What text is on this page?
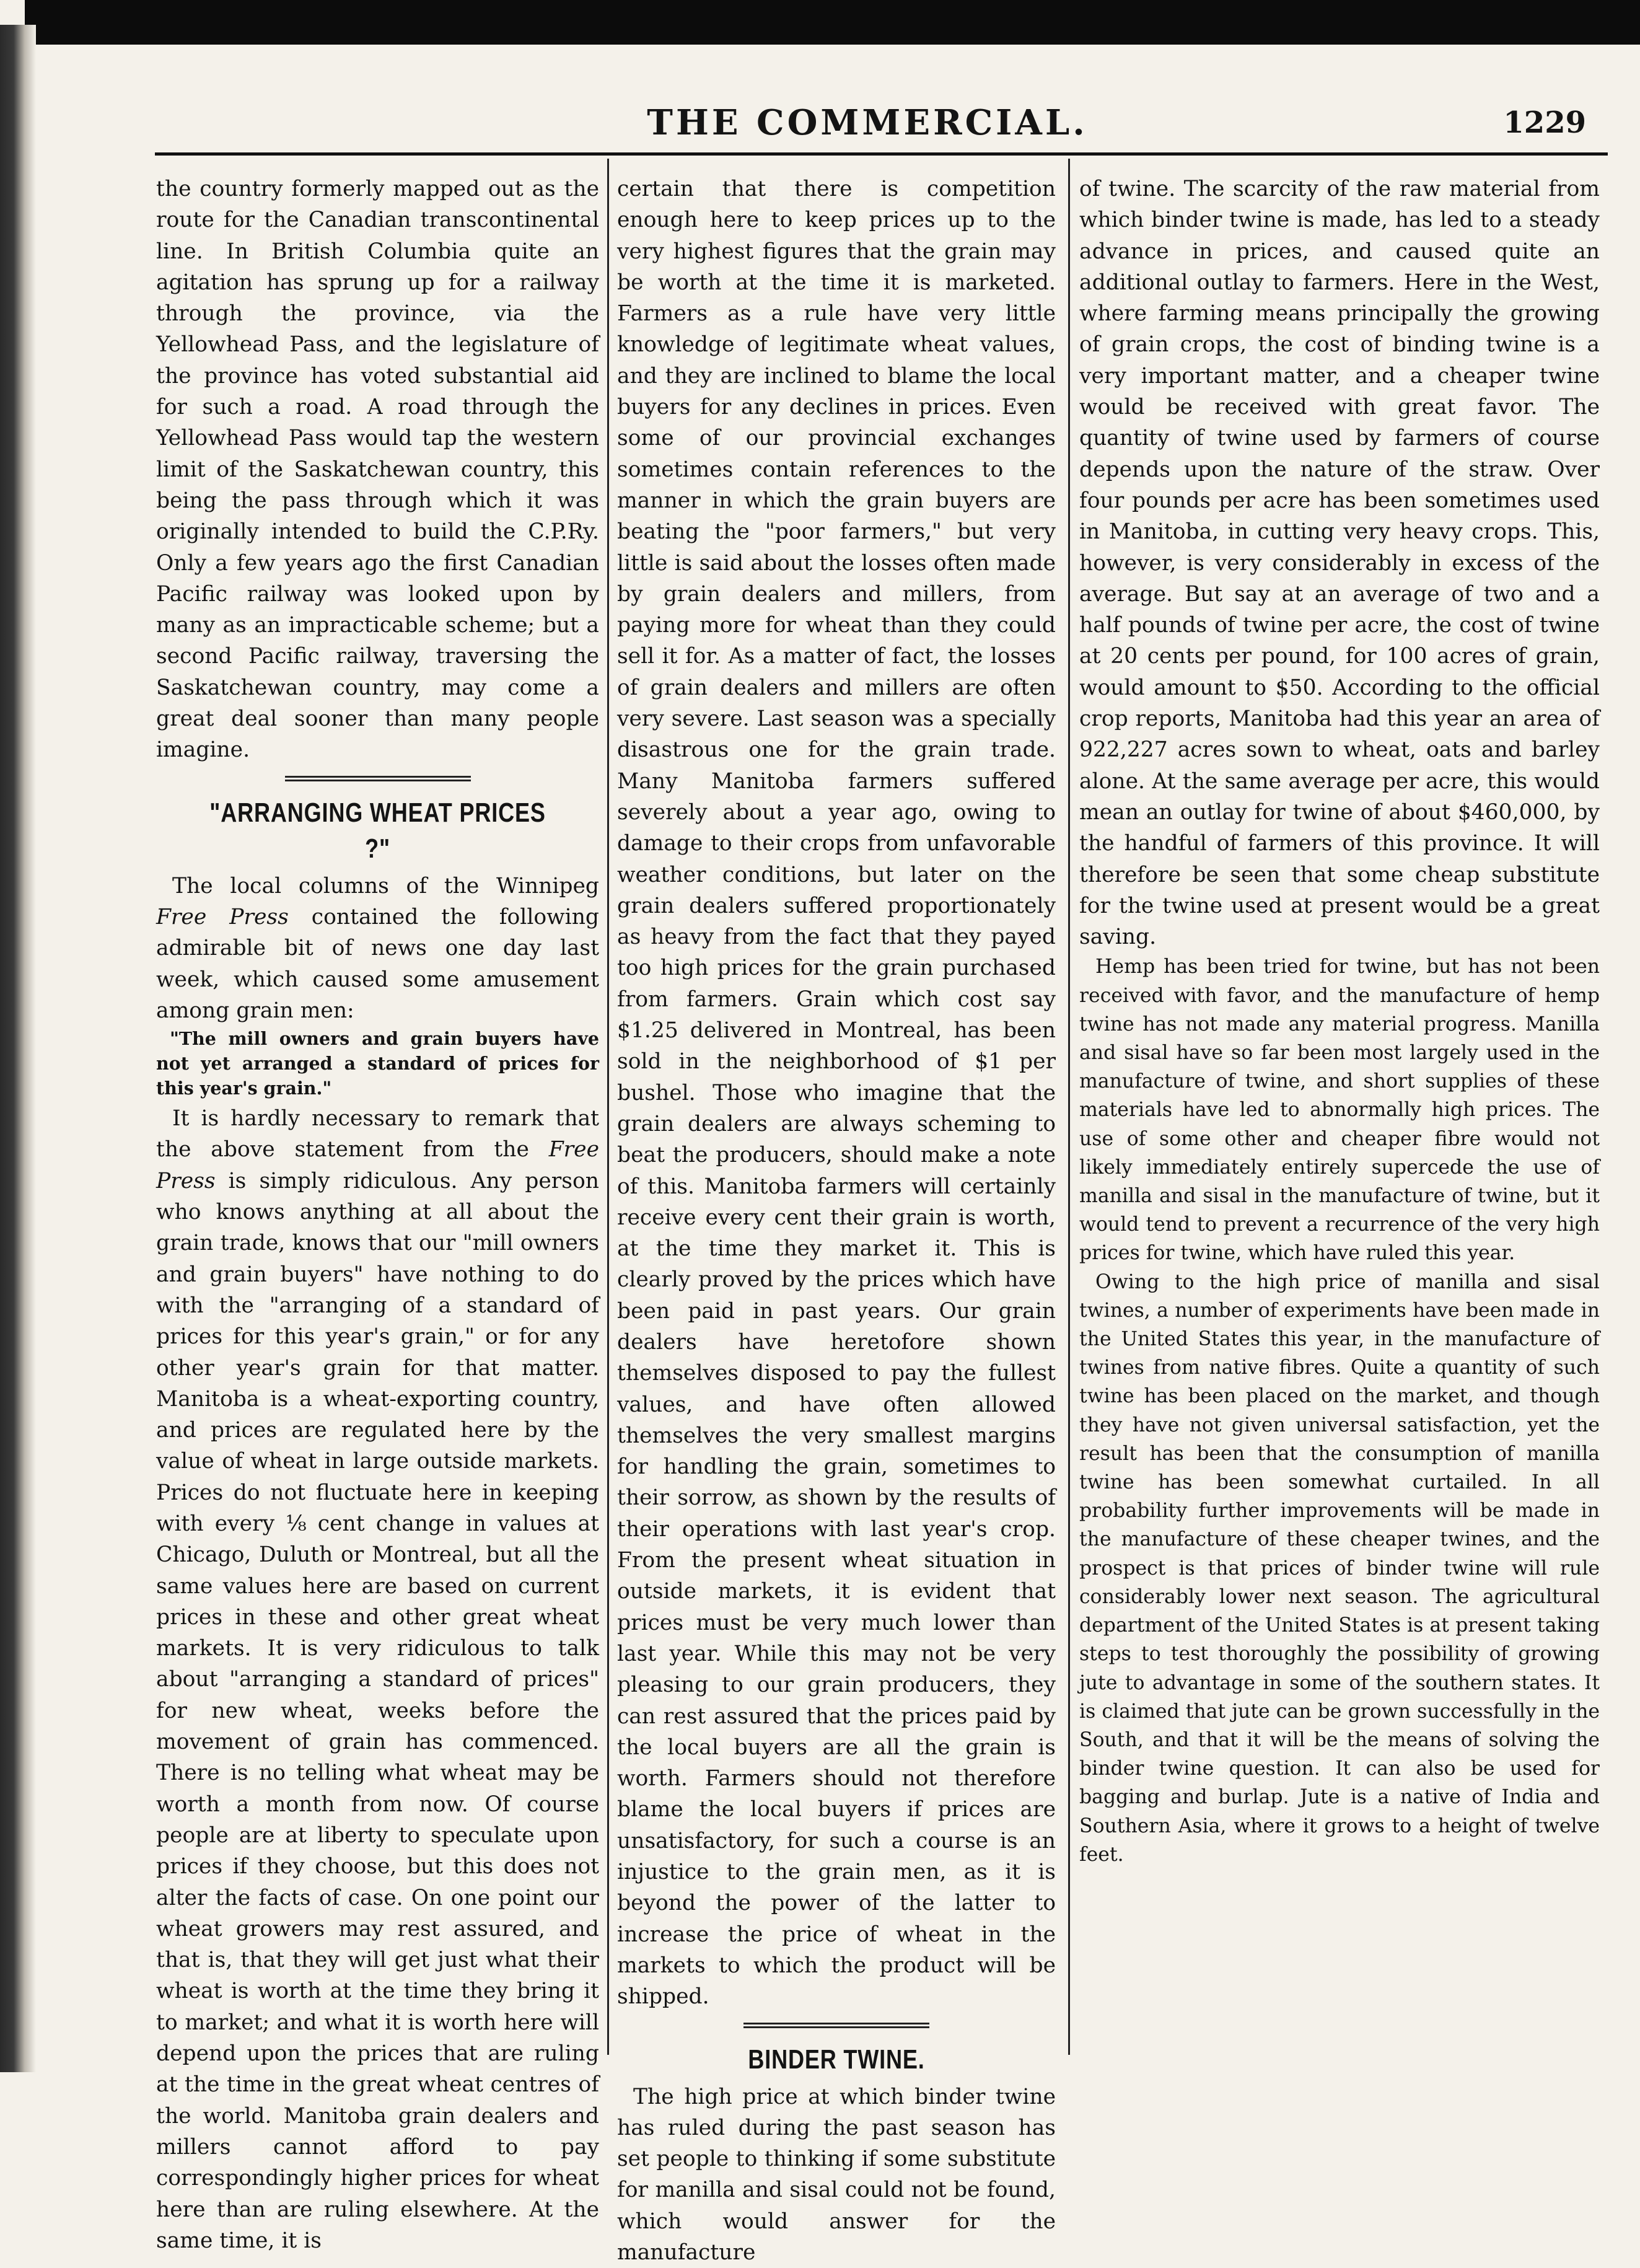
THE COMMERCIAL.	1229

the country formerly mapped out as the route for the Canadian transcontinental line. In British Columbia quite an agitation has sprung up for a railway through the province, via the Yellowhead Pass, and the legislature of the province has voted substantial aid for such a road. A road through the Yellowhead Pass would tap the western limit of the Saskatchewan country, this being the pass through which it was originally intended to build the C.P.Ry. Only a few years ago the first Canadian Pacific railway was looked upon by many as an impracticable scheme; but a second Pacific railway, traversing the Saskatchewan country, may come a great deal sooner than many people imagine.

"ARRANGING WHEAT PRICES ?"

The local columns of the Winnipeg Free Press contained the following admirable bit of news one day last week, which caused some amusement among grain men:

"The mill owners and grain buyers have not yet arranged a standard of prices for this year's grain."

It is hardly necessary to remark that the above statement from the Free Press is simply ridiculous. Any person who knows anything at all about the grain trade, knows that our "mill owners and grain buyers" have nothing to do with the "arranging of a standard of prices for this year's grain," or for any other year's grain for that matter. Manitoba is a wheat-exporting country, and prices are regulated here by the value of wheat in large outside markets. Prices do not fluctuate here in keeping with every ⅛ cent change in values at Chicago, Duluth or Montreal, but all the same values here are based on current prices in these and other great wheat markets. It is very ridiculous to talk about "arranging a standard of prices" for new wheat, weeks before the movement of grain has commenced. There is no telling what wheat may be worth a month from now. Of course people are at liberty to speculate upon prices if they choose, but this does not alter the facts of case. On one point our wheat growers may rest assured, and that is, that they will get just what their wheat is worth at the time they bring it to market; and what it is worth here will depend upon the prices that are ruling at the time in the great wheat centres of the world. Manitoba grain dealers and millers cannot afford to pay correspondingly higher prices for wheat here than are ruling elsewhere. At the same time, it is

certain that there is competition enough here to keep prices up to the very highest figures that the grain may be worth at the time it is marketed. Farmers as a rule have very little knowledge of legitimate wheat values, and they are inclined to blame the local buyers for any declines in prices. Even some of our provincial exchanges sometimes contain references to the manner in which the grain buyers are beating the "poor farmers," but very little is said about the losses often made by grain dealers and millers, from paying more for wheat than they could sell it for. As a matter of fact, the losses of grain dealers and millers are often very severe. Last season was a specially disastrous one for the grain trade. Many Manitoba farmers suffered severely about a year ago, owing to damage to their crops from unfavorable weather conditions, but later on the grain dealers suffered proportionately as heavy from the fact that they payed too high prices for the grain purchased from farmers. Grain which cost say $1.25 delivered in Montreal, has been sold in the neighborhood of $1 per bushel. Those who imagine that the grain dealers are always scheming to beat the producers, should make a note of this. Manitoba farmers will certainly receive every cent their grain is worth, at the time they market it. This is clearly proved by the prices which have been paid in past years. Our grain dealers have heretofore shown themselves disposed to pay the fullest values, and have often allowed themselves the very smallest margins for handling the grain, sometimes to their sorrow, as shown by the results of their operations with last year's crop. From the present wheat situation in outside markets, it is evident that prices must be very much lower than last year. While this may not be very pleasing to our grain producers, they can rest assured that the prices paid by the local buyers are all the grain is worth. Farmers should not therefore blame the local buyers if prices are unsatisfactory, for such a course is an injustice to the grain men, as it is beyond the power of the latter to increase the price of wheat in the markets to which the product will be shipped.

BINDER TWINE.

The high price at which binder twine has ruled during the past season has set people to thinking if some substitute for manilla and sisal could not be found, which would answer for the manufacture

of twine. The scarcity of the raw material from which binder twine is made, has led to a steady advance in prices, and caused quite an additional outlay to farmers. Here in the West, where farming means principally the growing of grain crops, the cost of binding twine is a very important matter, and a cheaper twine would be received with great favor. The quantity of twine used by farmers of course depends upon the nature of the straw. Over four pounds per acre has been sometimes used in Manitoba, in cutting very heavy crops. This, however, is very considerably in excess of the average. But say at an average of two and a half pounds of twine per acre, the cost of twine at 20 cents per pound, for 100 acres of grain, would amount to $50. According to the official crop reports, Manitoba had this year an area of 922,227 acres sown to wheat, oats and barley alone. At the same average per acre, this would mean an outlay for twine of about $460,000, by the handful of farmers of this province. It will therefore be seen that some cheap substitute for the twine used at present would be a great saving.

Hemp has been tried for twine, but has not been received with favor, and the manufacture of hemp twine has not made any material progress. Manilla and sisal have so far been most largely used in the manufacture of twine, and short supplies of these materials have led to abnormally high prices. The use of some other and cheaper fibre would not likely immediately entirely supercede the use of manilla and sisal in the manufacture of twine, but it would tend to prevent a recurrence of the very high prices for twine, which have ruled this year.

Owing to the high price of manilla and sisal twines, a number of experiments have been made in the United States this year, in the manufacture of twines from native fibres. Quite a quantity of such twine has been placed on the market, and though they have not given universal satisfaction, yet the result has been that the consumption of manilla twine has been somewhat curtailed. In all probability further improvements will be made in the manufacture of these cheaper twines, and the prospect is that prices of binder twine will rule considerably lower next season. The agricultural department of the United States is at present taking steps to test thoroughly the possibility of growing jute to advantage in some of the southern states. It is claimed that jute can be grown successfully in the South, and that it will be the means of solving the binder twine question. It can also be used for bagging and burlap. Jute is a native of India and Southern Asia, where it grows to a height of twelve feet.
